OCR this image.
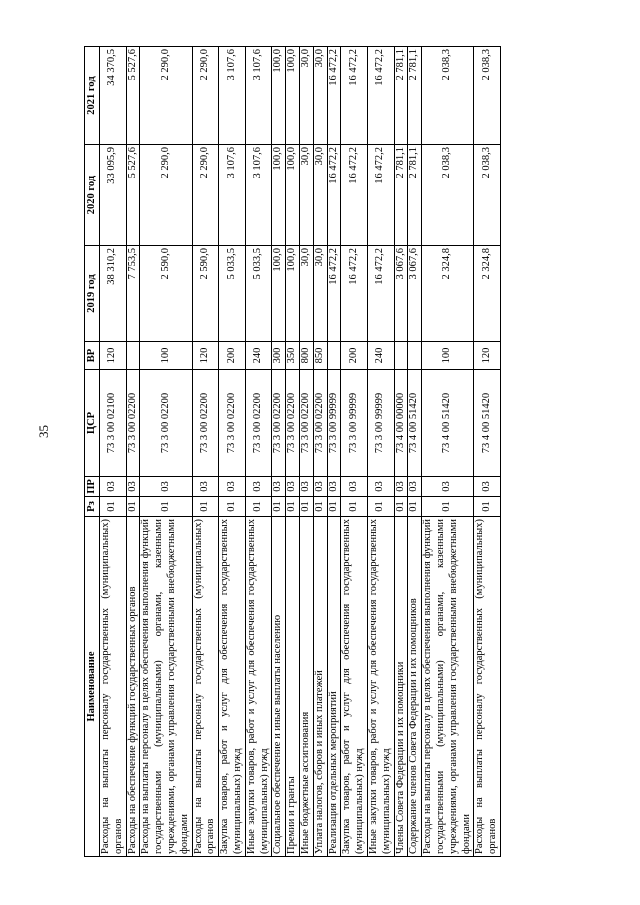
35
Наименование	Рз	ПР	ЦСР	ВР	2019 год	2020 год	2021 год
Расходы на выплаты персоналу государственных (муниципальных) органов	01	03	73 3 00 02100	120	38 310,2	33 095,9	34 370,5
Расходы на обеспечение функций государственных органов	01	03	73 3 00 02200		7 753,5	5 527,6	5 527,6
Расходы на выплаты персоналу в целях обеспечения выполнения функций государственными (муниципальными) органами, казенными учреждениями, органами управления государственными внебюджетными фондами	01	03	73 3 00 02200	100	2 590,0	2 290,0	2 290,0
Расходы на выплаты персоналу государственных (муниципальных) органов	01	03	73 3 00 02200	120	2 590,0	2 290,0	2 290,0
Закупка товаров, работ и услуг для обеспечения государственных (муниципальных) нужд	01	03	73 3 00 02200	200	5 033,5	3 107,6	3 107,6
Иные закупки товаров, работ и услуг для обеспечения государственных (муниципальных) нужд	01	03	73 3 00 02200	240	5 033,5	3 107,6	3 107,6
Социальное обеспечение и иные выплаты населению	01	03	73 3 00 02200	300	100,0	100,0	100,0
Премии и гранты	01	03	73 3 00 02200	350	100,0	100,0	100,0
Иные бюджетные ассигнования	01	03	73 3 00 02200	800	30,0	30,0	30,0
Уплата налогов, сборов и иных платежей	01	03	73 3 00 02200	850	30,0	30,0	30,0
Реализация отдельных мероприятий	01	03	73 3 00 99999		16 472,2	16 472,2	16 472,2
Закупка товаров, работ и услуг для обеспечения государственных (муниципальных) нужд	01	03	73 3 00 99999	200	16 472,2	16 472,2	16 472,2
Иные закупки товаров, работ и услуг для обеспечения государственных (муниципальных) нужд	01	03	73 3 00 99999	240	16 472,2	16 472,2	16 472,2
Члены Совета Федерации и их помощники	01	03	73 4 00 00000		3 067,6	2 781,1	2 781,1
Содержание членов Совета Федерации и их помощников	01	03	73 4 00 51420		3 067,6	2 781,1	2 781,1
Расходы на выплаты персоналу в целях обеспечения выполнения функций государственными (муниципальными) органами, казенными учреждениями, органами управления государственными внебюджетными фондами	01	03	73 4 00 51420	100	2 324,8	2 038,3	2 038,3
Расходы на выплаты персоналу государственных (муниципальных) органов	01	03	73 4 00 51420	120	2 324,8	2 038,3	2 038,3
